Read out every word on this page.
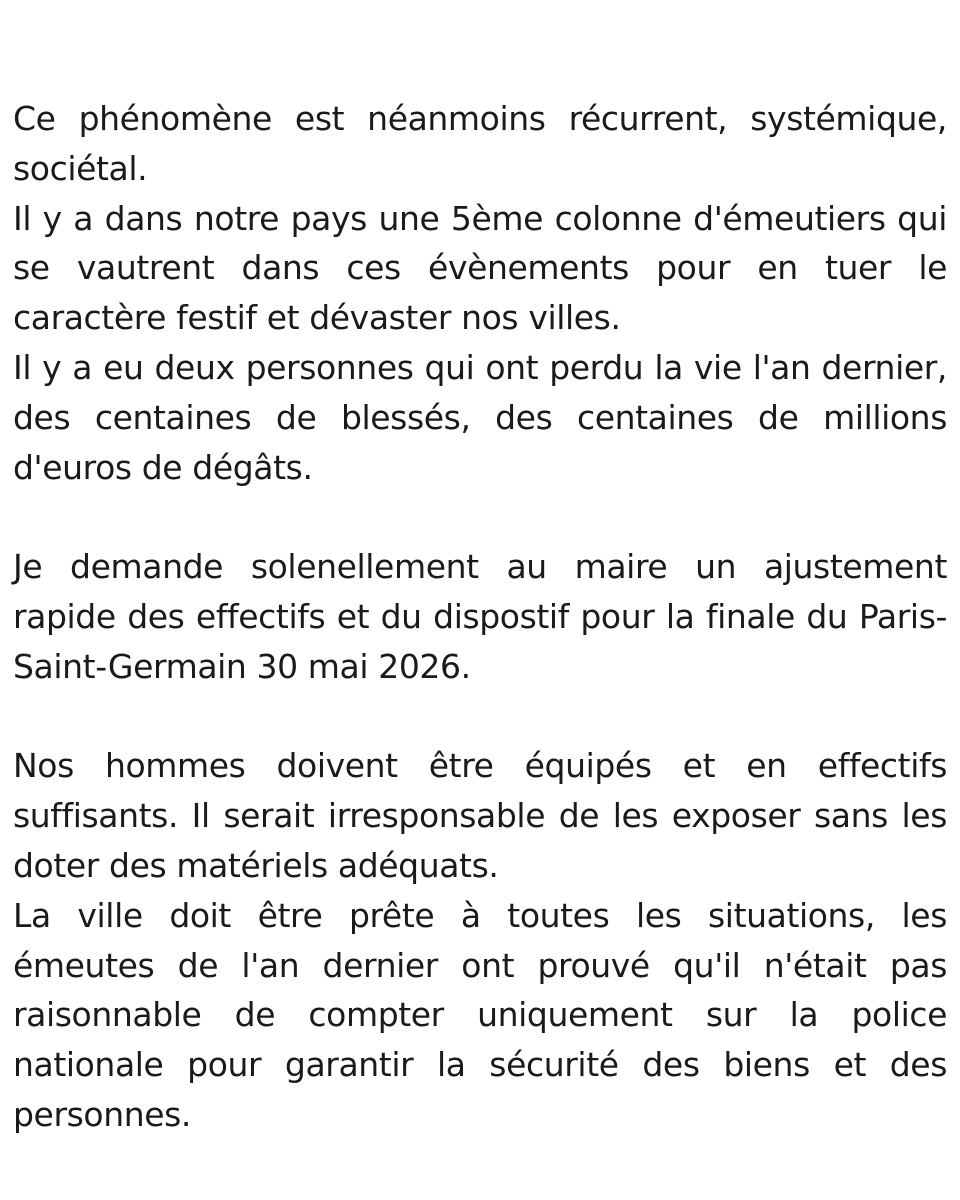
Ce phénomène est néanmoins récurrent, systémique, sociétal.

Il y a dans notre pays une 5ème colonne d'émeutiers qui se vautrent dans ces évènements pour en tuer le caractère festif et dévaster nos villes.

Il y a eu deux personnes qui ont perdu la vie l'an dernier, des centaines de blessés, des centaines de millions d'euros de dégâts.

Je demande solenellement au maire un ajustement rapide des effectifs et du dispostif pour la finale du Paris-Saint-Germain 30 mai 2026.

Nos hommes doivent être équipés et en effectifs suffisants. Il serait irresponsable de les exposer sans les doter des matériels adéquats.

La ville doit être prête à toutes les situations, les émeutes de l'an dernier ont prouvé qu'il n'était pas raisonnable de compter uniquement sur la police nationale pour garantir la sécurité des biens et des personnes.
